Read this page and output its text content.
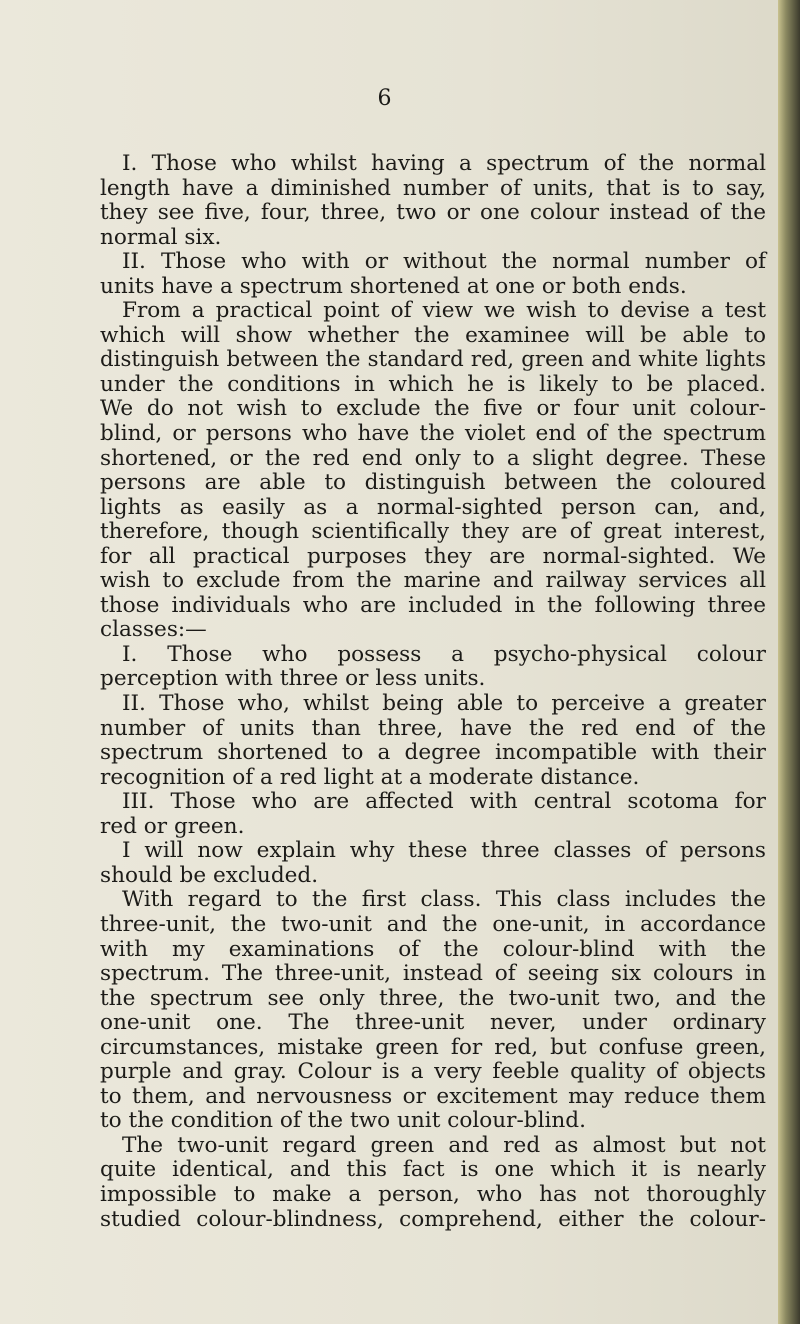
6
I. Those who whilst having a spectrum of the normal
length have a diminished number of units, that is to say,
they see five, four, three, two or one colour instead of the
normal six.
II. Those who with or without the normal number of
units have a spectrum shortened at one or both ends.
From a practical point of view we wish to devise a test
which will show whether the examinee will be able to
distinguish between the standard red, green and white lights
under the conditions in which he is likely to be placed.
We do not wish to exclude the five or four unit colour-
blind, or persons who have the violet end of the spectrum
shortened, or the red end only to a slight degree. These
persons are able to distinguish between the coloured
lights as easily as a normal-sighted person can, and,
therefore, though scientifically they are of great interest,
for all practical purposes they are normal-sighted. We
wish to exclude from the marine and railway services all
those individuals who are included in the following three
classes:—
I. Those who possess a psycho-physical colour
perception with three or less units.
II. Those who, whilst being able to perceive a greater
number of units than three, have the red end of the
spectrum shortened to a degree incompatible with their
recognition of a red light at a moderate distance.
III. Those who are affected with central scotoma for
red or green.
I will now explain why these three classes of persons
should be excluded.
With regard to the first class. This class includes the
three-unit, the two-unit and the one-unit, in accordance
with my examinations of the colour-blind with the
spectrum. The three-unit, instead of seeing six colours in
the spectrum see only three, the two-unit two, and the
one-unit one. The three-unit never, under ordinary
circumstances, mistake green for red, but confuse green,
purple and gray. Colour is a very feeble quality of objects
to them, and nervousness or excitement may reduce them
to the condition of the two unit colour-blind.
The two-unit regard green and red as almost but not
quite identical, and this fact is one which it is nearly
impossible to make a person, who has not thoroughly
studied colour-blindness, comprehend, either the colour-
